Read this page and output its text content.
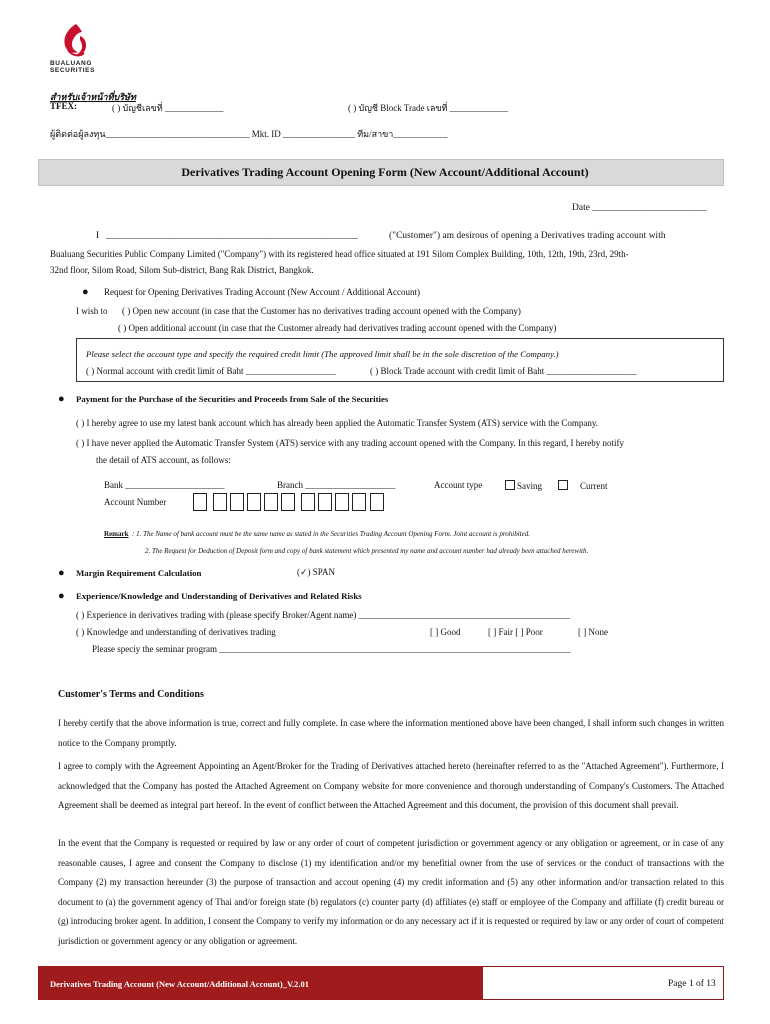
BUALUANG
SECURITIES
สำหรับเจ้าหน้าที่บริษัท
TFEX:	( ) บัญชีเลขที่ _____________	( ) บัญชี Block Trade เลขที่ _____________
ผู้ติดต่อผู้ลงทุน________________________________ Mkt. ID ________________ ทีม/สาขา____________
Derivatives Trading Account Opening Form (New Account/Additional Account)
Date ________________________
I _____________________________________________________	("Customer") am desirous of opening a Derivatives trading account with
Bualuang Securities Public Company Limited ("Company") with its registered head office situated at 191 Silom Complex Building, 10th, 12th, 19th, 23rd, 29th-
32nd floor, Silom Road, Silom Sub-district, Bang Rak District, Bangkok.
● Request for Opening Derivatives Trading Account (New Account / Additional Account)
I wish to ( ) Open new account (in case that the Customer has no derivatives trading account opened with the Company)
( ) Open additional account (in case that the Customer already had derivatives trading account opened with the Company)
Please select the account type and specify the required credit limit (The approved limit shall be in the sole discretion of the Company.)
( ) Normal account with credit limit of Baht ____________________	( ) Block Trade account with credit limit of Baht ____________________
● Payment for the Purchase of the Securities and Proceeds from Sale of the Securities
( ) I hereby agree to use my latest bank account which has already been applied the Automatic Transfer System (ATS) service with the Company.
( ) I have never applied the Automatic Transfer System (ATS) service with any trading account opened with the Company. In this regard, I hereby notify
the detail of ATS account, as follows:
Bank ______________________	Branch ____________________	Account type	Saving	Current
Account Number
Remark : 1. The Name of bank account must be the same name as stated in the Securities Trading Account Opening Form. Joint account is prohibited.
2. The Request for Deduction of Deposit form and copy of bank statement which presented my name and account number had already been attached herewith.
● Margin Requirement Calculation	(✓) SPAN
● Experience/Knowledge and Understanding of Derivatives and Related Risks
( ) Experience in derivatives trading with (please specify Broker/Agent name) _______________________________________________
( ) Knowledge and understanding of derivatives trading	[ ] Good	[ ] Fair [ ] Poor	[ ] None
Please speciy the seminar program ______________________________________________________________________________
Customer's Terms and Conditions
I hereby certify that the above information is true, correct and fully complete. In case where the information mentioned above have been changed, I shall inform such changes in written notice to the Company promptly.
I agree to comply with the Agreement Appointing an Agent/Broker for the Trading of Derivatives attached hereto (hereinafter referred to as the "Attached Agreement"). Furthermore, I acknowledged that the Company has posted the Attached Agreement on Company website for more convenience and thorough understanding of Company's Customers. The Attached Agreement shall be deemed as integral part hereof. In the event of conflict between the Attached Agreement and this document, the provision of this document shall prevail.
In the event that the Company is requested or required by law or any order of court of competent jurisdiction or government agency or any obligation or agreement, or in case of any reasonable causes, I agree and consent the Company to disclose (1) my identification and/or my benefitial owner from the use of services or the conduct of transactions with the Company (2) my transaction hereunder (3) the purpose of transaction and accout opening (4) my credit information and (5) any other information and/or transaction related to this document to (a) the government agency of Thai and/or foreign state (b) regulators (c) counter party (d) affiliates (e) staff or employee of the Company and affiliate (f) credit bureau or (g) introducing broker agent. In addition, I consent the Company to verify my information or do any necessary act if it is requested or required by law or any order of court of competent jurisdiction or government agency or any obligation or agreement.
Derivatives Trading Account (New Account/Additional Account)_V.2.01	Page 1 of 13
